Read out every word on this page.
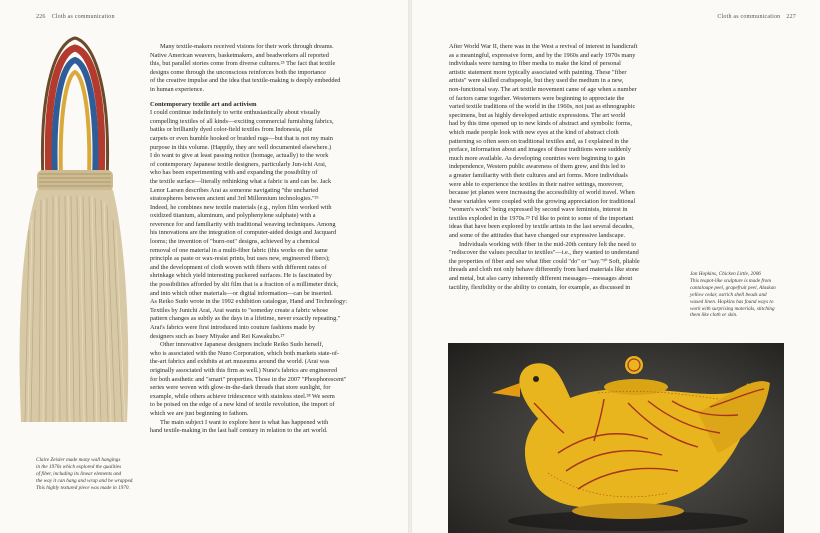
226 Cloth as communication
Claire Zeisler made many wall hangings
in the 1970s which explored the qualities
of fiber, including its linear elements and
the way it can hang and wrap and be wrapped.
This highly textured piece was made in 1970.

Many textile-makers received visions for their work through dreams.
Native American weavers, basketmakers, and beadworkers all reported
this, but parallel stories come from diverse cultures.²⁵ The fact that textile
designs come through the unconscious reinforces both the importance
of the creative impulse and the idea that textile-making is deeply embedded
in human experience.

Contemporary textile art and activism

I could continue indefinitely to write enthusiastically about visually
compelling textiles of all kinds—exciting commercial furnishing fabrics,
batiks or brilliantly dyed color-field textiles from Indonesia, pile
carpets or even humble hooked or braided rugs—but that is not my main
purpose in this volume. (Happily, they are well documented elsewhere.)
I do want to give at least passing notice (homage, actually) to the work
of contemporary Japanese textile designers, particularly Jun-ichi Arai,
who has been experimenting with and expanding the possibility of
the textile surface—literally rethinking what a fabric is and can be. Jack
Lenor Larsen describes Arai as someone navigating "the uncharted
stratospheres between ancient and 3rd Millennium technologies."²⁶
Indeed, he combines new textile materials (e.g., nylon film worked with
oxidized titanium, aluminum, and polyphenylene sulphate) with a
reverence for and familiarity with traditional weaving techniques. Among
his innovations are the integration of computer-aided design and Jacquard
looms; the invention of "burn-out" designs, achieved by a chemical
removal of one material in a multi-fiber fabric (this works on the same
principle as paste or wax-resist prints, but uses new, engineered fibers);
and the development of cloth woven with fibers with different rates of
shrinkage which yield interesting puckered surfaces. He is fascinated by
the possibilities afforded by slit film that is a fraction of a millimeter thick,
and into which other materials—or digital information—can be inserted.
As Reiko Sudo wrote in the 1992 exhibition catalogue, Hand and Technology:
Textiles by Junichi Arai, Arai wants to "someday create a fabric whose
pattern changes as subtly as the days in a lifetime, never exactly repeating."
Arai's fabrics were first introduced into couture fashions made by
designers such as Issey Miyake and Rei Kawakubo.²⁷

Other innovative Japanese designers include Reiko Sudo herself,
who is associated with the Nuno Corporation, which both markets state-of-
the-art fabrics and exhibits at art museums around the world. (Arai was
originally associated with this firm as well.) Nuno's fabrics are engineered
for both aesthetic and "smart" properties. Those in the 2007 "Phosphorescent"
series were woven with glow-in-the-dark threads that store sunlight, for
example, while others achieve iridescence with stainless steel.²⁸ We seem
to be poised on the edge of a new kind of textile revolution, the import of
which we are just beginning to fathom.

The main subject I want to explore here is what has happened with
hand textile-making in the last half century in relation to the art world.

Cloth as communication 227

After World War II, there was in the West a revival of interest in handicraft
as a meaningful, expressive form, and by the 1960s and early 1970s many
individuals were turning to fiber media to make the kind of personal
artistic statement more typically associated with painting. These "fiber
artists" were skilled craftspeople, but they used the medium in a new,
non-functional way. The art textile movement came of age when a number
of factors came together. Westerners were beginning to appreciate the
varied textile traditions of the world in the 1960s, not just as ethnographic
specimens, but as highly developed artistic expressions. The art world
had by this time opened up to new kinds of abstract and symbolic forms,
which made people look with new eyes at the kind of abstract cloth
patterning so often seen on traditional textiles and, as I explained in the
preface, information about and images of these traditions were suddenly
much more available. As developing countries were beginning to gain
independence, Western public awareness of them grew, and this led to
a greater familiarity with their cultures and art forms. More individuals
were able to experience the textiles in their native settings, moreover,
because jet planes were increasing the accessibility of world travel. When
these variables were coupled with the growing appreciation for traditional
"women's work" being expressed by second wave feminists, interest in
textiles exploded in the 1970s.²⁹ I'd like to point to some of the important
ideas that have been explored by textile artists in the last several decades,
and some of the attitudes that have changed our expressive landscape.

Individuals working with fiber in the mid-20th century felt the need to
"rediscover the values peculiar to textiles"—i.e., they wanted to understand
the properties of fiber and see what fiber could "do" or "say."³⁰ Soft, pliable
threads and cloth not only behave differently from hard materials like stone
and metal, but also carry inherently different messages—messages about
tactility, flexibility or the ability to contain, for example, as discussed in

Jan Hopkins, Chicken Little, 2006
This teapot-like sculpture is made from
cantaloupe peel, grapefruit peel, Alaskan
yellow cedar, ostrich shell beads and
waxed linen. Hopkins has found ways to
work with surprising materials, stitching
them like cloth or skin.
